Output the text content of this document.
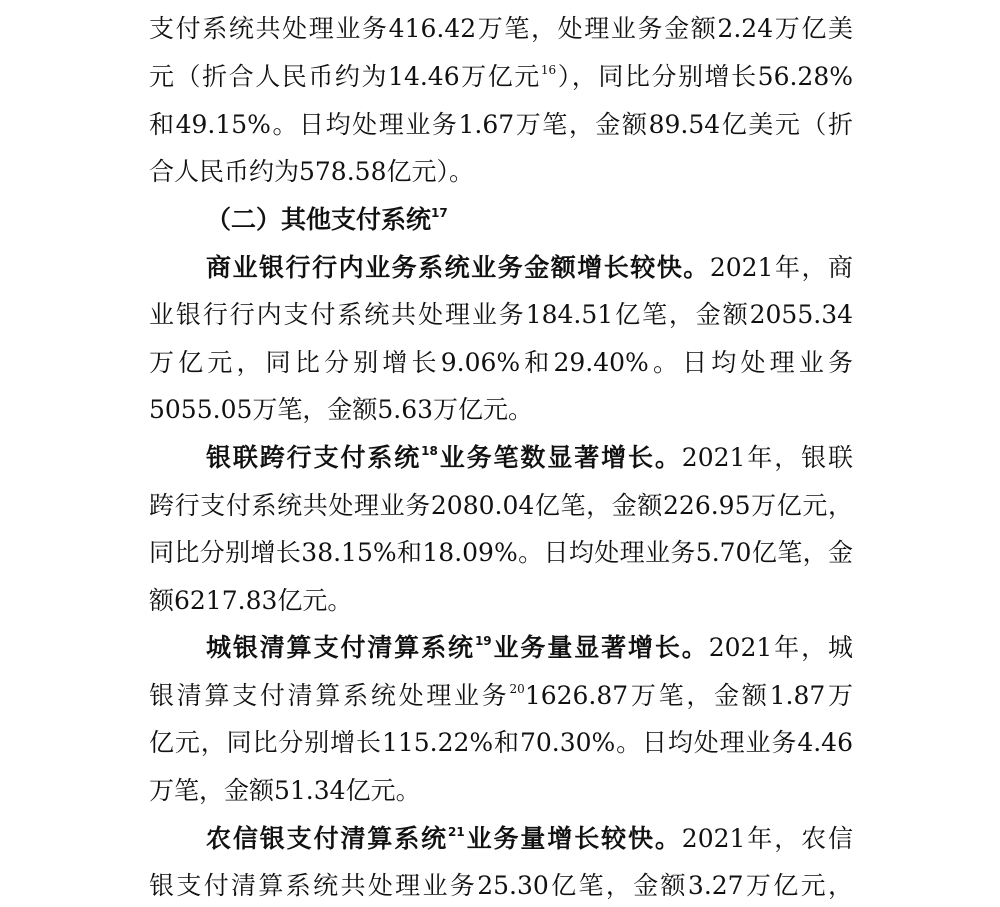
支付系统共处理业务416.42万笔，处理业务金额2.24万亿美
元（折合人民币约为14.46万亿元$^{16}$），同比分别增长56.28%
和49.15%。日均处理业务1.67万笔，金额89.54亿美元（折
合人民币约为578.58亿元）。
（二）其他支付系统$^{17}$
商业银行行内业务系统业务金额增长较快。2021年，商
业银行行内支付系统共处理业务184.51亿笔，金额2055.34
万亿元，同比分别增长9.06%和29.40%。日均处理业务
5055.05万笔，金额5.63万亿元。
银联跨行支付系统$^{18}$业务笔数显著增长。2021年，银联
跨行支付系统共处理业务2080.04亿笔，金额226.95万亿元，
同比分别增长38.15%和18.09%。日均处理业务5.70亿笔，金
额6217.83亿元。
城银清算支付清算系统$^{19}$业务量显著增长。2021年，城
银清算支付清算系统处理业务$^{20}$1626.87万笔，金额1.87万
亿元，同比分别增长115.22%和70.30%。日均处理业务4.46
万笔，金额51.34亿元。
农信银支付清算系统$^{21}$业务量增长较快。2021年，农信
银支付清算系统共处理业务25.30亿笔，金额3.27万亿元，
